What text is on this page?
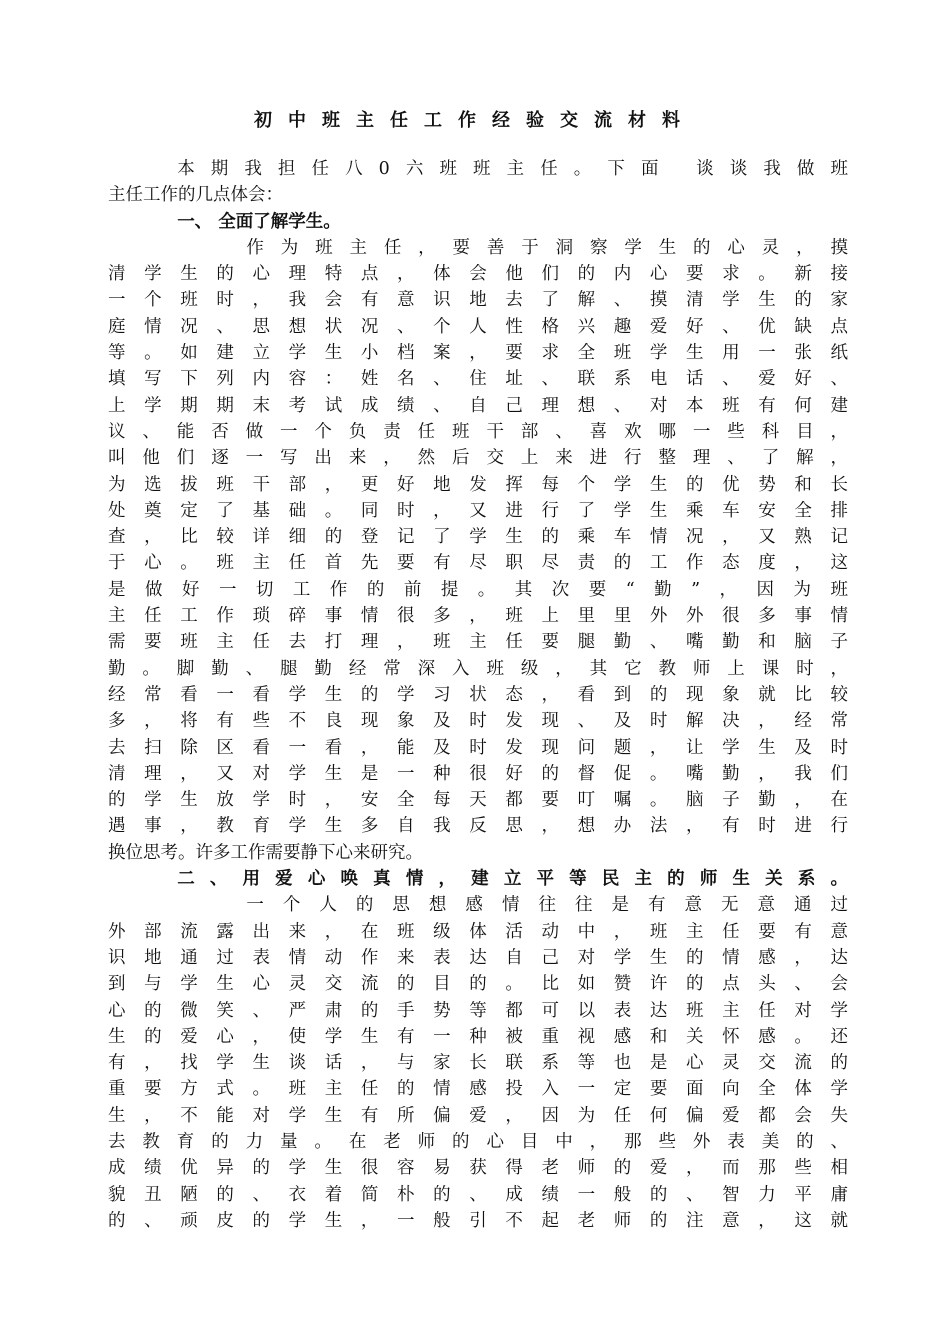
初中班主任工作经验交流材料
本期我担任八0六班班主任。下面 谈谈我做班
主任工作的几点体会：
一、 全面了解学生。
作为班主任，要善于洞察学生的心灵，摸
清学生的心理特点，体会他们的内心要求。新接
一个班时，我会有意识地去了解、摸清学生的家
庭情况、思想状况、个人性格兴趣爱好、优缺点
等。如建立学生小档案，要求全班学生用一张纸
填写下列内容：姓名、住址、联系电话、爱好、
上学期期末考试成绩、自己理想、对本班有何建
议、能否做一个负责任班干部、喜欢哪一些科目，
叫他们逐一写出来，然后交上来进行整理、了解，
为选拔班干部，更好地发挥每个学生的优势和长
处奠定了基础。同时，又进行了学生乘车安全排
查，比较详细的登记了学生的乘车情况，又熟记
于心。班主任首先要有尽职尽责的工作态度，这
是做好一切工作的前提。其次要“勤”，因为班
主任工作琐碎事情很多，班上里里外外很多事情
需要班主任去打理，班主任要腿勤、嘴勤和脑子
勤。脚勤、腿勤经常深入班级，其它教师上课时，
经常看一看学生的学习状态，看到的现象就比较
多，将有些不良现象及时发现、及时解决，经常
去扫除区看一看，能及时发现问题，让学生及时
清理，又对学生是一种很好的督促。嘴勤，我们
的学生放学时，安全每天都要叮嘱。脑子勤，在
遇事，教育学生多自我反思，想办法，有时进行
换位思考。许多工作需要静下心来研究。
二、用爱心唤真情，建立平等民主的师生关系。
一个人的思想感情往往是有意无意通过
外部流露出来，在班级体活动中，班主任要有意
识地通过表情动作来表达自己对学生的情感，达
到与学生心灵交流的目的。比如赞许的点头、会
心的微笑、严肃的手势等都可以表达班主任对学
生的爱心，使学生有一种被重视感和关怀感。还
有，找学生谈话，与家长联系等也是心灵交流的
重要方式。班主任的情感投入一定要面向全体学
生，不能对学生有所偏爱，因为任何偏爱都会失
去教育的力量。在老师的心目中，那些外表美的、
成绩优异的学生很容易获得老师的爱，而那些相
貌丑陋的、衣着简朴的、成绩一般的、智力平庸
的、顽皮的学生，一般引不起老师的注意，这就
